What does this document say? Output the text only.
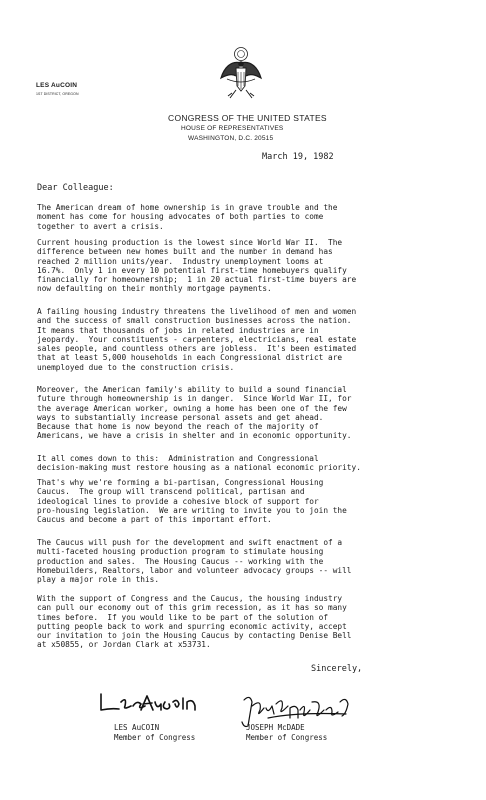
LES AuCOIN
1ST DISTRICT, OREGON
CONGRESS OF THE UNITED STATES
HOUSE OF REPRESENTATIVES
WASHINGTON, D.C. 20515
March 19, 1982
Dear Colleague:

The American dream of home ownership is in grave trouble and the
moment has come for housing advocates of both parties to come
together to avert a crisis.

Current housing production is the lowest since World War II.  The
difference between new homes built and the number in demand has
reached 2 million units/year.  Industry unemployment looms at
16.7%.  Only 1 in every 10 potential first-time homebuyers qualify
financially for homeownership;  1 in 20 actual first-time buyers are
now defaulting on their monthly mortgage payments.

A failing housing industry threatens the livelihood of men and women
and the success of small construction businesses across the nation.
It means that thousands of jobs in related industries are in
jeopardy.  Your constituents - carpenters, electricians, real estate
sales people, and countless others are jobless.  It's been estimated
that at least 5,000 households in each Congressional district are
unemployed due to the construction crisis.

Moreover, the American family's ability to build a sound financial
future through homeownership is in danger.  Since World War II, for
the average American worker, owning a home has been one of the few
ways to substantially increase personal assets and get ahead.
Because that home is now beyond the reach of the majority of
Americans, we have a crisis in shelter and in economic opportunity.

It all comes down to this:  Administration and Congressional
decision-making must restore housing as a national economic priority.

That's why we're forming a bi-partisan, Congressional Housing
Caucus.  The group will transcend political, partisan and
ideological lines to provide a cohesive block of support for
pro-housing legislation.  We are writing to invite you to join the
Caucus and become a part of this important effort.

The Caucus will push for the development and swift enactment of a
multi-faceted housing production program to stimulate housing
production and sales.  The Housing Caucus -- working with the
Homebuilders, Realtors, labor and volunteer advocacy groups -- will
play a major role in this.

With the support of Congress and the Caucus, the housing industry
can pull our economy out of this grim recession, as it has so many
times before.  If you would like to be part of the solution of
putting people back to work and spurring economic activity, accept
our invitation to join the Housing Caucus by contacting Denise Bell
at x50855, or Jordan Clark at x53731.

Sincerely,
LES AuCOIN
Member of Congress
JOSEPH McDADE
Member of Congress
